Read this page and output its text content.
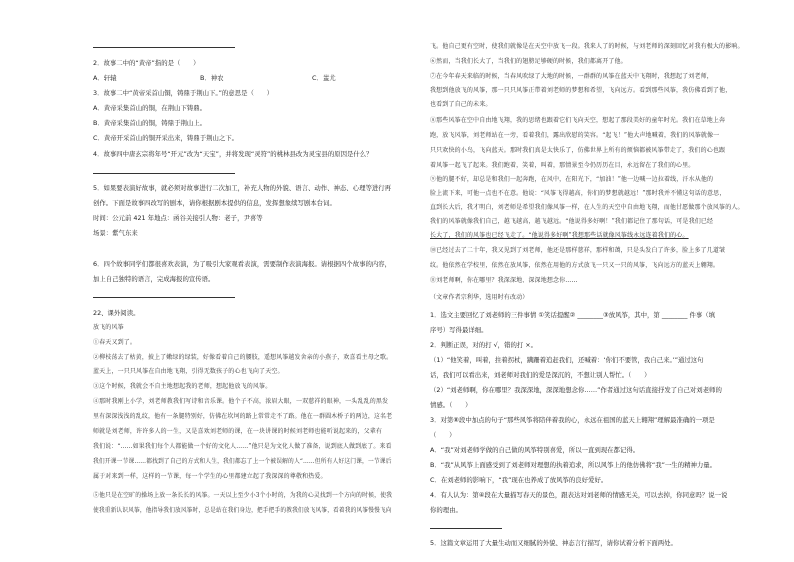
2．故事二中的“黄帝”指的是（　　）
A．轩辕	B．神农	C．蚩尤
3．故事二中“黄帝采首山铜，铸鼎于荆山下。”的意思是（　　）
A．黄帝采集首山的铜，在荆山下铸鼎。
B．黄帝采集首山的铜，铸鼎于荆山上。
C．黄帝开采首山的铜开采出来，铸鼎于荆山之下。
4．故事四中唐玄宗将年号“开元”改为“天宝”，并将发现“灵符”的桃林县改为灵宝县的原因是什么？
5．如果要表演好故事，就必须对故事进行二次加工，补充人物的外貌、语言、动作、神态、心理等进行再
创作。下面是故事四改写的剧本，请你根据剧本提供的信息，发挥想象续写剧本台词。
时间：公元前 421 年地点：函谷关接引人物：老子，尹喜等
场景：紫气东来
6．四个故事同学们都很喜欢表演，为了吸引大家观看表演，需要制作表演海报。请根据四个故事的内容，
加上自己独特的语言，完成海报的宣传语。
22、课外阅读。
放飞的风筝
①春天又到了。
②柳枝荡去了枯黄，披上了嫩绿的绿装，好像看着自己的腰肢，遥想风筝越发舍亲的小燕子，欢喜看主母之歌。
蓝天上，一只只风筝在自由地飞翔，引得无数孩子的心也飞向了天空。
③这个时候，我就会不自主地想起我的老师，想起他放飞的风筝。
④那时我刚上小学，刘老师教我们写诗和音乐课。他个子不高，浓眉大眼，一双慈祥的眼神，一头乱乱的黑发
里有深深浅浅的乱纹，他有一条腿特别好，仿佛在坎坷的路上常常走不了路。他在一群圆木桥子的两边，这名老
师就是刘老师，许许多人的一生，又是喜欢刘老师的课，在一块讲课的时候刘老师也能听说起来的，父辈有
我们说：“……如果我们每个人都能做一个好的文化人……”他只是为文化人做了准备，说到底人做到底了。来看
我们开课一节课……都找到了自己的方式和人生，我们都忘了上一个被误解的人“……但所有人好这门课，一节课后
属于对来到一样，这样的一节课，每一个学生的心里都建立起了我深深的尊敬和热爱。
⑤他只是在空旷的操场上放一条长长的风筝。一天以上至少小3个小时的，为我的心灵找到一个方向的时候，使我
使我重新认识风筝，他指导我们放风筝时，总是站在我们身边，把手把手的教我们放飞风筝，看着我的风筝慢慢飞向
飞。他自己更有空时，使我们就像是在天空中放飞一段。我来人了的时候，与刘老师的深刻回忆对我有极大的影响。
⑥然而，当我们长大了，当我们的翅膀足够硬的时候，我们都离开了他。
⑦在今年春天来临的时候，当春风吹绿了大地的时候，一群群的风筝在蓝天中飞翔时，我想起了刘老师，
我想到他放飞的风筝，那一只只风筝正带着刘老师的梦想和希望，飞向远方。看到那些风筝，我仿佛看到了他，
也看到了自己的未来。
⑧那些风筝在空中自由地飞翔，我的思绪也跟着它们飞向天空，想起了那段美好的童年时光。我们在草地上奔
跑，放飞风筝，刘老师站在一旁，看着我们，露出欣慰的笑容。“起飞！”他大声地喊着，我们的风筝就像一
只只欢快的小鸟，飞向蓝天。那时我们真是太快乐了，仿佛世界上所有的烦恼都被风筝带走了，我们的心也跟
着风筝一起飞了起来。我们跑着，笑着，叫着，那情景至今仍历历在目，永远留在了我们的心里。
⑨他的腿不好，却总是和我们一起奔跑，在风中，在阳光下，“加油！”他一边喊一边拉着线，汗水从他的
脸上流下来，可他一点也不在意。他说：“风筝飞得越高，你们的梦想就越远！”那时我并不懂这句话的意思，
直到长大后，我才明白，刘老师是希望我们像风筝一样，在人生的天空中自由地飞翔，而他甘愿做那个放风筝的人。
我们的风筝就像我们自己，越飞越高，越飞越远。“他说得多好啊！”我们都记住了那句话，可是我们已经
长大了，我们的风筝也已经飞走了。“他说得多好啊”我想那些话就像风筝线永远连着我们的心。
⑩已经过去了二十年，我又见到了刘老师，他还是那样慈祥，那样和蔼，只是头发白了许多，脸上多了几道皱
纹。他依然在学校里，依然在放风筝，依然在用他的方式放飞一只又一只的风筝，飞向远方的蓝天上翱翔。
⑪刘老师啊，你在哪里？我深深地、深深地想念你……
（文章作者宗利华，选用时有改动）
1．选文主要回忆了刘老师的三件事情 ①笑话提醒② ________③放风筝，其中，第 ________ 件事（填
序号）写得最详细。
2．判断正误，对的打 √，错的打 ×。
（1）“他笑着，叫着，拄着拐杖，蹒跚着追赶我们，还喊着：‘你们不要管，我自己来。’”通过这句
话，我们可以看出来，刘老师对我们的爱是深沉的，不想让别人帮忙。（　　）
（2）“刘老师啊，你在哪里？我深深地，深深地想念你……”作者通过这句话直接抒发了自己对刘老师的
情感。（　　）
3．对第⑧段中加点的句子“那些风筝将陪伴着我的心，永远在祖国的蓝天上翱翔”理解最准确的一项是
（　　）
A．“我”对刘老师学做的自己做的风筝特别喜爱，所以一直到现在都记得。
B．“我”从风筝上面感受到了刘老师对理想的执着追求，所以风筝上的他仿佛将“我”一生的精神力量。
C．在刘老师的影响下，“我”现在也养成了放风筝的良好爱好。
4．有人认为：第④段在大量描写春天的景色，跟表达对刘老师的情感无关，可以去掉，你同意吗？说一说
你的理由。
5．这篇文章运用了大量生动而又细腻的外貌、神态言行描写，请你试着分析下面两处。
